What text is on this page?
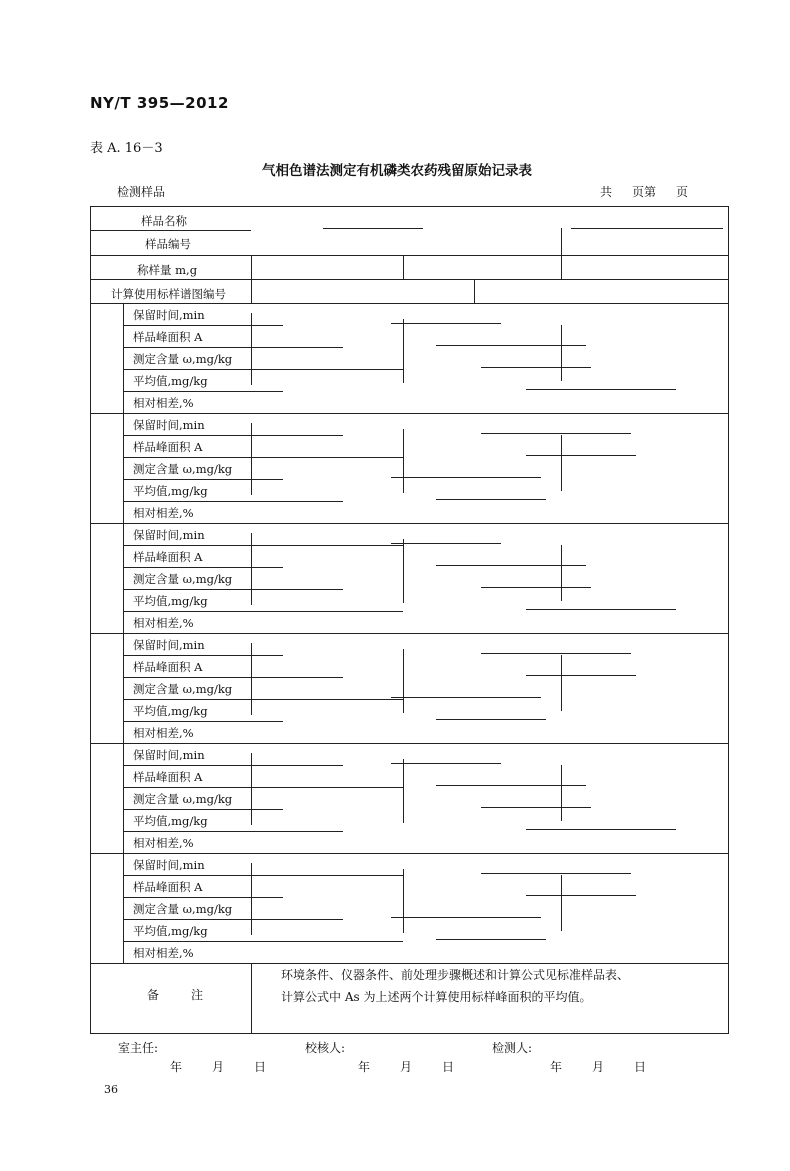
NY/T 395—2012
表 A. 16－3
气相色谱法测定有机磷类农药残留原始记录表
检测样品	共 页第 页
样品名称
样品编号
称样量 m,g
计算使用标样谱图编号
保留时间,min
样品峰面积 A
测定含量 ω,mg/kg
平均值,mg/kg
相对相差,%
保留时间,min
样品峰面积 A
测定含量 ω,mg/kg
平均值,mg/kg
相对相差,%
保留时间,min
样品峰面积 A
测定含量 ω,mg/kg
平均值,mg/kg
相对相差,%
保留时间,min
样品峰面积 A
测定含量 ω,mg/kg
平均值,mg/kg
相对相差,%
保留时间,min
样品峰面积 A
测定含量 ω,mg/kg
平均值,mg/kg
相对相差,%
保留时间,min
样品峰面积 A
测定含量 ω,mg/kg
平均值,mg/kg
相对相差,%
备	注
环境条件、仪器条件、前处理步骤概述和计算公式见标准样品表、
计算公式中 As 为上述两个计算使用标样峰面积的平均值。
室主任:	校核人:	检测人:
年	月	日	年	月	日	年	月	日
36
